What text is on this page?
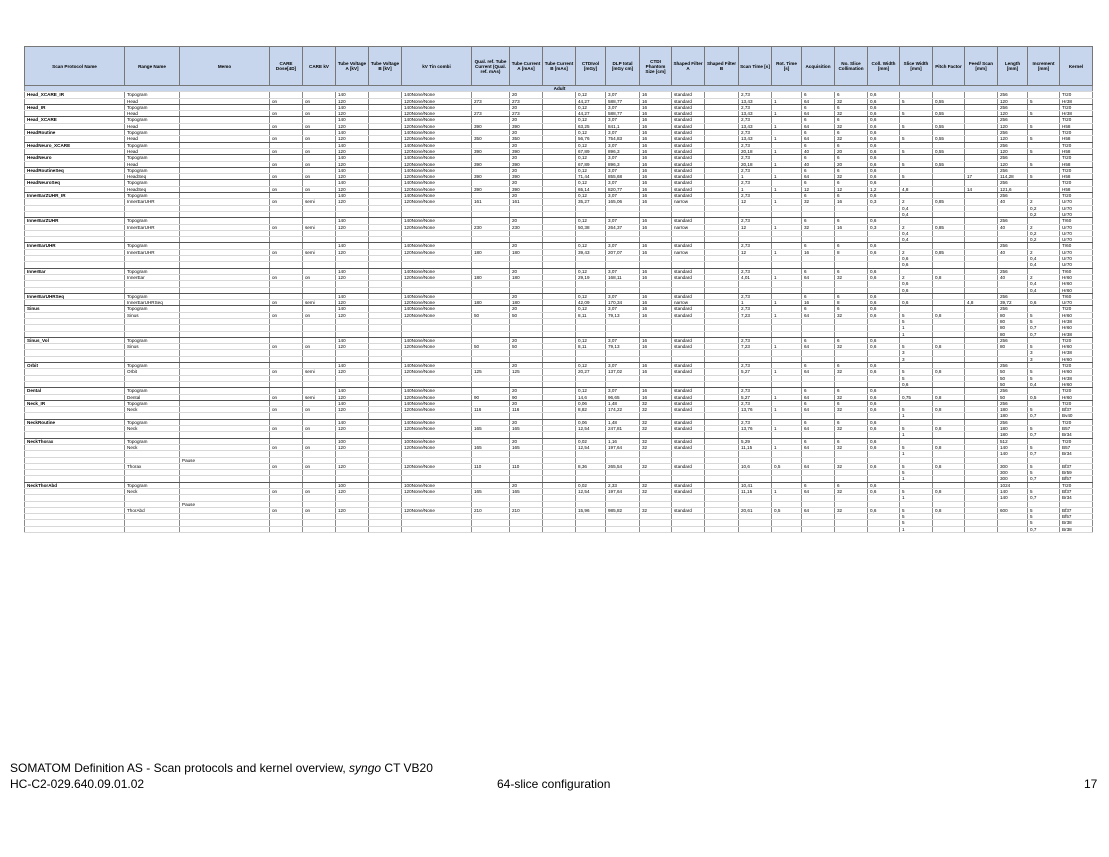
Scan Protocol Name	Range Name	Memo	CARE Dose[4D]	CARE kV	Tube Voltage A [kV]	Tube Voltage B [kV]	kV Tin combi	Qual. ref. Tube Current (Qual. ref. mAs)	Tube Current A [mAs]	Tube Current B [mAs]	CTDIvol [mGy]	DLP total [mGy cm]	CTDI Phantom Size [cm]	Shaped Filter A	Shaped Filter B	Scan Time [s]	Rot. Time [s]	Acquisition	No. Slice Collimation	Coll. Width [mm]	Slice Width [mm]	Pitch Factor	Feed/ Scan [mm]	Length [mm]	Increment [mm]	Kernel
Adult																										
Head_XCARE_IR	Topogram				140		140None/None		20		0,12	3,07	16	standard		2,73		6	6	0,6				256		Tr20
	Head		on	on	120		120None/None	273	273		44,27	588,77	16	standard		13,43	1	64	32	0,6	5	0,55		120	5	Hr38
Head_IR	Topogram				140		140None/None		20		0,12	3,07	16	standard		2,73		6	6	0,6				256		Tr20
	Head		on	on	120		120None/None	273	273		44,27	588,77	16	standard		13,43	1	64	32	0,6	5	0,55		120	5	Hr38
Head_XCARE	Topogram				140		140None/None		20		0,12	3,07	16	standard		2,73		6	6	0,6				256		Tr20
	Head		on	on	120		120None/None	390	390		63,25	841,1	16	standard		13,43	1	64	32	0,6	5	0,55		120	5	H58
HeadRoutine	Topogram				140		140None/None		20		0,12	3,07	16	standard		2,73		6	6	0,6				256		Tr20
	Head		on	on	120		120None/None	350	350		56,76	754,83	16	standard		13,43	1	64	32	0,6	5	0,55		120	5	H58
HeadNeuro_XCARE	Topogram				140		140None/None		20		0,12	3,07	16	standard		2,73		6	6	0,6				256		Tr20
	Head		on	on	120		120None/None	390	390		67,89	896,3	16	standard		20,18	1	40	20	0,6	5	0,55		120	5	H58
HeadNeuro	Topogram				140		140None/None		20		0,12	3,07	16	standard		2,73		6	6	0,6				256		Tr20
	Head		on	on	120		120None/None	390	390		67,89	896,3	16	standard		20,18	1	40	20	0,6	5	0,55		120	5	H58
HeadRoutineSeq	Topogram				140		140None/None		20		0,12	3,07	16	standard		2,73		6	6	0,6				256		Tr20
	HeadSeq		on	on	120		120None/None	390	390		71,44	855,68	16	standard		1	1	64	32	0,6	5		17	114,28	5	H58
HeadNeuroSeq	Topogram				140		140None/None		20		0,12	3,07	16	standard		2,73		6	6	0,6				256		Tr20
	HeadSeq		on	on	120		120None/None	390	390		65,14	820,77	16	standard		1	1	12	12	1,2	4,8		14	121,6		H58
InnerEarZUHR_IR	Topogram				140		140None/None		20		0,12	3,07	16	standard		2,73		6	6	0,6				256		Tr20
	InnerEarUHR		on	semi	120		120None/None	161	161		35,27	165,06	16	narrow		12	1	32	16	0,3	2	0,85		40	2	Ur70
																					0,4				0,2	Ur70
																					0,4				0,2	Ur70
InnerEarZUHR	Topogram				140		140None/None		20		0,12	3,07	16	standard		2,73		6	6	0,6				256		Tr60
	InnerEarUHR		on	semi	120		120None/None	230	230		50,38	264,37	16	narrow		12	1	32	16	0,3	2	0,85		40	2	Ur70
																					0,4				0,2	Ur70
																					0,4				0,2	Ur70
InnerEarUHR	Topogram				140		140None/None		20		0,12	3,07	16	standard		2,73		6	6	0,6				256		Tr60
	InnerEarUHR		on	semi	120		120None/None	180	180		39,43	207,07	16	narrow		12	1	16	8	0,6	2	0,85		40	2	Ur70
																					0,6				0,4	Ur70
																					0,6				0,4	Ur70
InnerEar	Topogram				140		140None/None		20		0,12	3,07	16	standard		2,73		6	6	0,6				256		Tr60
	InnerEar		on	on	120		120None/None	180	180		29,19	168,11	16	standard		4,01	1	64	32	0,6	2	0,8		40	2	Hr60
																					0,6				0,4	Hr60
																					0,6				0,4	Hr60
InnerEarUHRSeq	Topogram				140		140None/None		20		0,12	3,07	16	standard		2,73		6	6	0,6				256		Tr60
	InnerEarUHRSeq		on	semi	120		120None/None	180	180		42,09	170,34	16	narrow		1	1	16	8	0,6	0,6		4,8	39,72	0,6	Ur70
Sinus	Topogram				140		140None/None		20		0,12	3,07	16	standard		2,73		6	6	0,6				256		Tr20
	Sinus		on	on	120		120None/None	50	50		8,11	79,13	16	standard		7,23	1	64	32	0,6	5	0,8		80	5	Hr60
																					5			80	5	Hr38
																					1			80	0,7	Hr60
																					1			80	0,7	Hr38
Sinus_Vol	Topogram				140		140None/None		20		0,12	3,07	16	standard		2,73		6	6	0,6				256		Tr20
	Sinus		on	on	120		120None/None	50	50		8,11	79,13	16	standard		7,23	1	64	32	0,6	5	0,8		80	5	Hr60
																					3				3	Hr38
																					3				3	Hr60
Orbit	Topogram				140		140None/None		20		0,12	3,07	16	standard		2,73		6	6	0,6				256		Tr20
	Orbit		on	semi	120		120None/None	125	125		20,27	137,02	16	standard		5,27	1	64	32	0,6	5	0,8		50	5	Hr60
																					5			50	5	Hr38
																					0,6			50	0,4	Hr60
Dental	Topogram				140		140None/None		20		0,12	3,07	16	standard		2,73		6	6	0,6				256		Tr20
	Dental		on	semi	120		120None/None	90	90		14,6	96,65	16	standard		5,27	1	64	32	0,6	0,75	0,8		50	0,5	Hr60
Neck_IR	Topogram				140		140None/None		20		0,06	1,48	32	standard		2,73		6	6	0,6				256		Tr20
	Neck		on	on	120		120None/None	116	116		8,82	174,22	32	standard		13,76	1	64	32	0,6	5	0,8		180	5	Bf37
																					1			180	0,7	Bv40
NeckRoutine	Topogram				140		140None/None		20		0,06	1,48	32	standard		2,73		6	6	0,6				256		Tr20
	Neck		on	on	120		120None/None	165	165		12,54	247,81	32	standard		13,76	1	64	32	0,6	5	0,8		180	5	B57
																					1			180	0,7	Br34
NeckThorax	Topogram				100		100None/None		20		0,02	1,16	32	standard		5,29		6	6	0,6				512		Tr20
	Neck		on	on	120		120None/None	165	165		12,54	197,64	32	standard		11,15	1	64	32	0,6	5	0,8		140	5	B57
																					1			140	0,7	Br34
		Pause																								
	Thorax		on	on	120		120None/None	110	110		8,36	265,54	32	standard		10,6	0,5	64	32	0,6	5	0,8		300	5	Bf37
																					5			300	5	Br59
																					1			300	0,7	Bf57
NeckThorAbd	Topogram				100		100None/None		20		0,02	2,33	32	standard		10,41		6	6	0,6				1024		Tr20
	Neck		on	on	120		120None/None	165	165		12,54	197,64	32	standard		11,15	1	64	32	0,6	5	0,8		140	5	Bf37
																					1			140	0,7	Br34
		Pause																								
	ThorAbd		on	on	120		120None/None	210	210		15,96	985,82	32	standard		20,61	0,5	64	32	0,6	5	0,8		600	5	Bf37
																					5				5	Bf57
																					5				5	Br38
																					1				0,7	Br38
SOMATOM Definition AS - Scan protocols and kernel overview, syngo CT VB20
HC-C2-029.640.09.01.02	64-slice configuration	17
